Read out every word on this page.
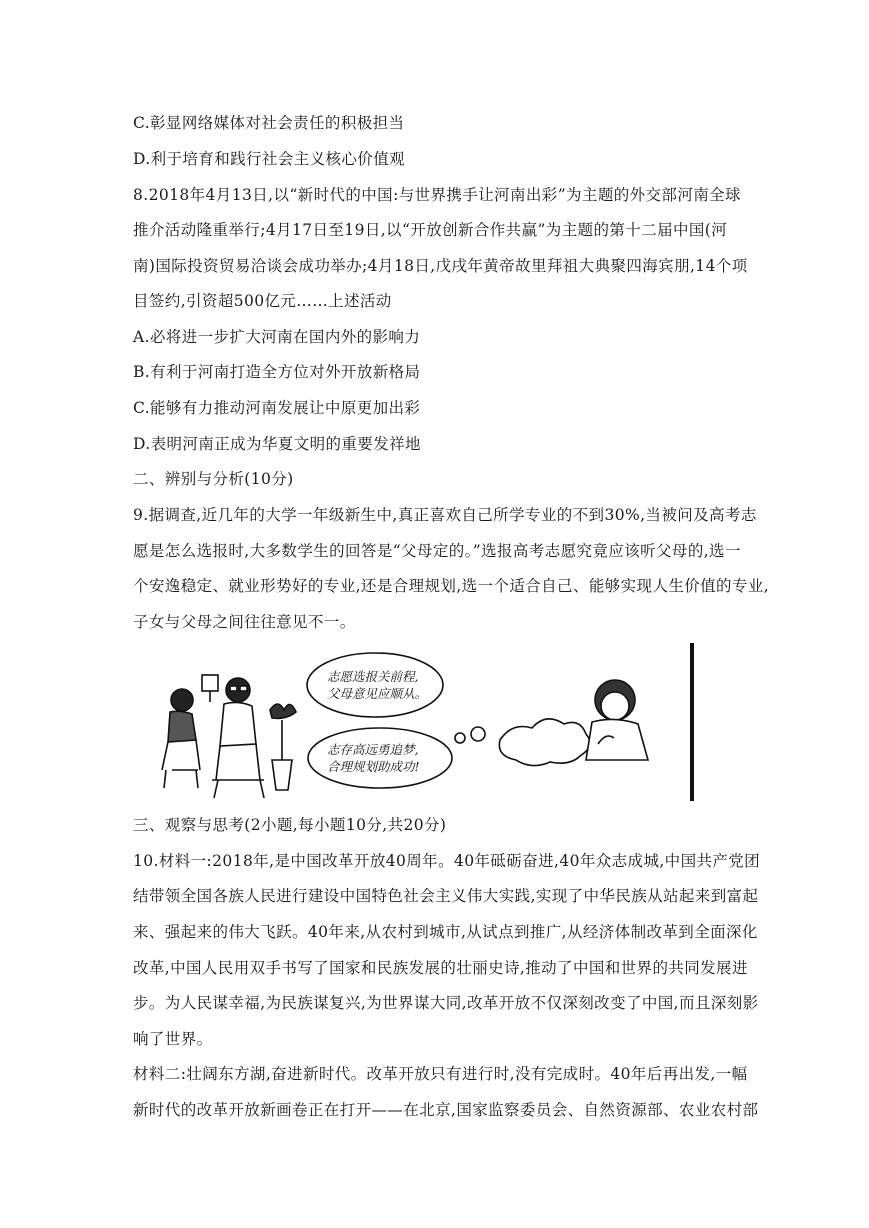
C.彰显网络媒体对社会责任的积极担当
D.利于培育和践行社会主义核心价值观
8.2018年4月13日,以“新时代的中国:与世界携手让河南出彩”为主题的外交部河南全球
推介活动隆重举行;4月17日至19日,以“开放创新合作共赢”为主题的第十二届中国(河
南)国际投资贸易洽谈会成功举办;4月18日,戊戌年黄帝故里拜祖大典聚四海宾朋,14个项
目签约,引资超500亿元……上述活动
A.必将进一步扩大河南在国内外的影响力
B.有利于河南打造全方位对外开放新格局
C.能够有力推动河南发展让中原更加出彩
D.表明河南正成为华夏文明的重要发祥地
二、辨别与分析(10分)
9.据调查,近几年的大学一年级新生中,真正喜欢自己所学专业的不到30%,当被问及高考志
愿是怎么选报时,大多数学生的回答是“父母定的。”选报高考志愿究竟应该听父母的,选一
个安逸稳定、就业形势好的专业,还是合理规划,选一个适合自己、能够实现人生价值的专业,
子女与父母之间往往意见不一。
志愿选报关前程,
父母意见应顺从。
志存高远勇追梦,
合理规划助成功!
三、观察与思考(2小题,每小题10分,共20分)
10.材料一:2018年,是中国改革开放40周年。40年砥砺奋进,40年众志成城,中国共产党团
结带领全国各族人民进行建设中国特色社会主义伟大实践,实现了中华民族从站起来到富起
来、强起来的伟大飞跃。40年来,从农村到城市,从试点到推广,从经济体制改革到全面深化
改革,中国人民用双手书写了国家和民族发展的壮丽史诗,推动了中国和世界的共同发展进
步。为人民谋幸福,为民族谋复兴,为世界谋大同,改革开放不仅深刻改变了中国,而且深刻影
响了世界。
材料二:壮阔东方湖,奋进新时代。改革开放只有进行时,没有完成时。40年后再出发,一幅
新时代的改革开放新画卷正在打开——在北京,国家监察委员会、自然资源部、农业农村部
